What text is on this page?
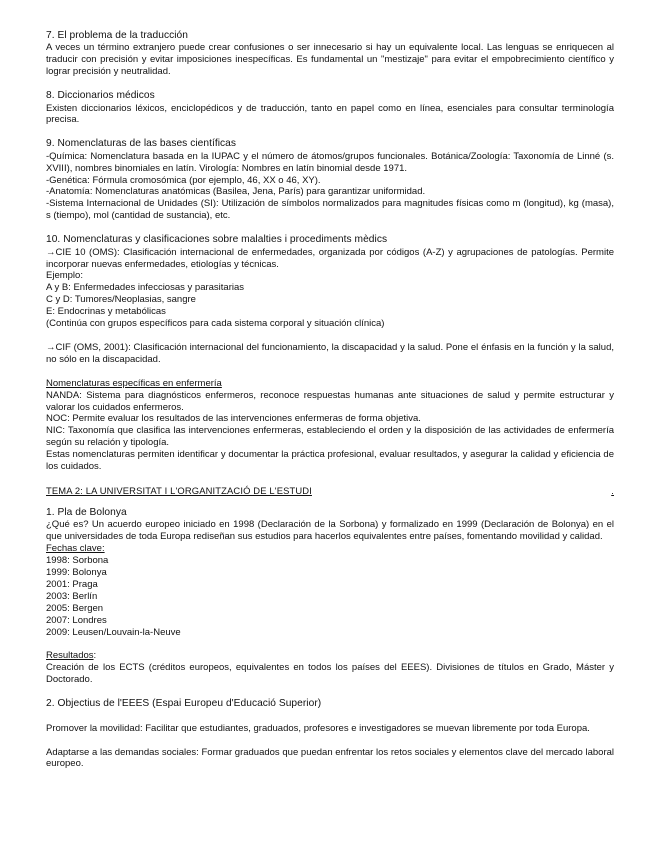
7. El problema de la traducción

A veces un término extranjero puede crear confusiones o ser innecesario si hay un equivalente local. Las lenguas se enriquecen al traducir con precisión y evitar imposiciones inespecíficas. Es fundamental un "mestizaje" para evitar el empobrecimiento científico y lograr precisión y neutralidad.

8. Diccionarios médicos

Existen diccionarios léxicos, enciclopédicos y de traducción, tanto en papel como en línea, esenciales para consultar terminología precisa.

9. Nomenclaturas de las bases científicas

-Química: Nomenclatura basada en la IUPAC y el número de átomos/grupos funcionales. Botánica/Zoología: Taxonomía de Linné (s. XVIII), nombres binomiales en latín. Virología: Nombres en latín binomial desde 1971.

-Genética: Fórmula cromosómica (por ejemplo, 46, XX o 46, XY).

-Anatomía: Nomenclaturas anatómicas (Basilea, Jena, París) para garantizar uniformidad.

-Sistema Internacional de Unidades (SI): Utilización de símbolos normalizados para magnitudes físicas como m (longitud), kg (masa), s (tiempo), mol (cantidad de sustancia), etc.

10. Nomenclaturas y clasificaciones sobre malalties i procediments mèdics

→CIE 10 (OMS): Clasificación internacional de enfermedades, organizada por códigos (A-Z) y agrupaciones de patologías. Permite incorporar nuevas enfermedades, etiologías y técnicas.

Ejemplo:

A y B: Enfermedades infecciosas y parasitarias

C y D: Tumores/Neoplasias, sangre

E: Endocrinas y metabólicas

(Continúa con grupos específicos para cada sistema corporal y situación clínica)

→CIF (OMS, 2001): Clasificación internacional del funcionamiento, la discapacidad y la salud. Pone el énfasis en la función y la salud, no sólo en la discapacidad.

Nomenclaturas específicas en enfermería

NANDA: Sistema para diagnósticos enfermeros, reconoce respuestas humanas ante situaciones de salud y permite estructurar y valorar los cuidados enfermeros.

NOC: Permite evaluar los resultados de las intervenciones enfermeras de forma objetiva.

NIC: Taxonomía que clasifica las intervenciones enfermeras, estableciendo el orden y la disposición de las actividades de enfermería según su relación y tipología.

Estas nomenclaturas permiten identificar y documentar la práctica profesional, evaluar resultados, y asegurar la calidad y eficiencia de los cuidados.

TEMA 2: LA UNIVERSITAT I L'ORGANITZACIÓ DE L'ESTUDI	.

1. Pla de Bolonya

¿Qué es? Un acuerdo europeo iniciado en 1998 (Declaración de la Sorbona) y formalizado en 1999 (Declaración de Bolonya) en el que universidades de toda Europa rediseñan sus estudios para hacerlos equivalentes entre países, fomentando movilidad y calidad.

Fechas clave:

1998: Sorbona

1999: Bolonya

2001: Praga

2003: Berlín

2005: Bergen

2007: Londres

2009: Leusen/Louvain-la-Neuve

Resultados:

Creación de los ECTS (créditos europeos, equivalentes en todos los países del EEES). Divisiones de títulos en Grado, Máster y Doctorado.

2. Objectius de l'EEES (Espai Europeu d'Educació Superior)

Promover la movilidad: Facilitar que estudiantes, graduados, profesores e investigadores se muevan libremente por toda Europa.

Adaptarse a las demandas sociales: Formar graduados que puedan enfrentar los retos sociales y elementos clave del mercado laboral europeo.
